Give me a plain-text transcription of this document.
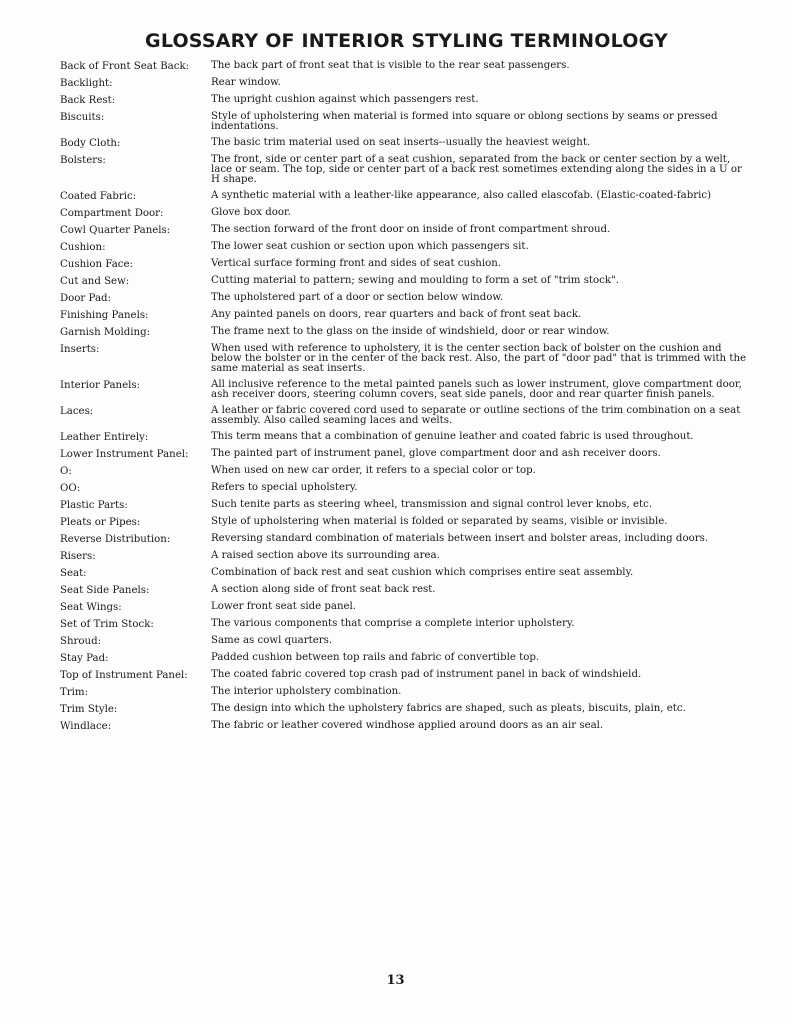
GLOSSARY OF INTERIOR STYLING TERMINOLOGY
Back of Front Seat Back:	The back part of front seat that is visible to the rear seat passengers.
Backlight:	Rear window.
Back Rest:	The upright cushion against which passengers rest.
Biscuits:	Style of upholstering when material is formed into square or oblong sections by seams or pressed indentations.
Body Cloth:	The basic trim material used on seat inserts--usually the heaviest weight.
Bolsters:	The front, side or center part of a seat cushion, separated from the back or center section by a welt, lace or seam. The top, side or center part of a back rest sometimes extending along the sides in a U or H shape.
Coated Fabric:	A synthetic material with a leather-like appearance, also called elascofab. (Elastic-coated-fabric)
Compartment Door:	Glove box door.
Cowl Quarter Panels:	The section forward of the front door on inside of front compartment shroud.
Cushion:	The lower seat cushion or section upon which passengers sit.
Cushion Face:	Vertical surface forming front and sides of seat cushion.
Cut and Sew:	Cutting material to pattern; sewing and moulding to form a set of "trim stock".
Door Pad:	The upholstered part of a door or section below window.
Finishing Panels:	Any painted panels on doors, rear quarters and back of front seat back.
Garnish Molding:	The frame next to the glass on the inside of windshield, door or rear window.
Inserts:	When used with reference to upholstery, it is the center section back of bolster on the cushion and below the bolster or in the center of the back rest. Also, the part of "door pad" that is trimmed with the same material as seat inserts.
Interior Panels:	All inclusive reference to the metal painted panels such as lower instrument, glove compartment door, ash receiver doors, steering column covers, seat side panels, door and rear quarter finish panels.
Laces:	A leather or fabric covered cord used to separate or outline sections of the trim combination on a seat assembly. Also called seaming laces and welts.
Leather Entirely:	This term means that a combination of genuine leather and coated fabric is used throughout.
Lower Instrument Panel:	The painted part of instrument panel, glove compartment door and ash receiver doors.
O:	When used on new car order, it refers to a special color or top.
OO:	Refers to special upholstery.
Plastic Parts:	Such tenite parts as steering wheel, transmission and signal control lever knobs, etc.
Pleats or Pipes:	Style of upholstering when material is folded or separated by seams, visible or invisible.
Reverse Distribution:	Reversing standard combination of materials between insert and bolster areas, including doors.
Risers:	A raised section above its surrounding area.
Seat:	Combination of back rest and seat cushion which comprises entire seat assembly.
Seat Side Panels:	A section along side of front seat back rest.
Seat Wings:	Lower front seat side panel.
Set of Trim Stock:	The various components that comprise a complete interior upholstery.
Shroud:	Same as cowl quarters.
Stay Pad:	Padded cushion between top rails and fabric of convertible top.
Top of Instrument Panel:	The coated fabric covered top crash pad of instrument panel in back of windshield.
Trim:	The interior upholstery combination.
Trim Style:	The design into which the upholstery fabrics are shaped, such as pleats, biscuits, plain, etc.
Windlace:	The fabric or leather covered windhose applied around doors as an air seal.
13
